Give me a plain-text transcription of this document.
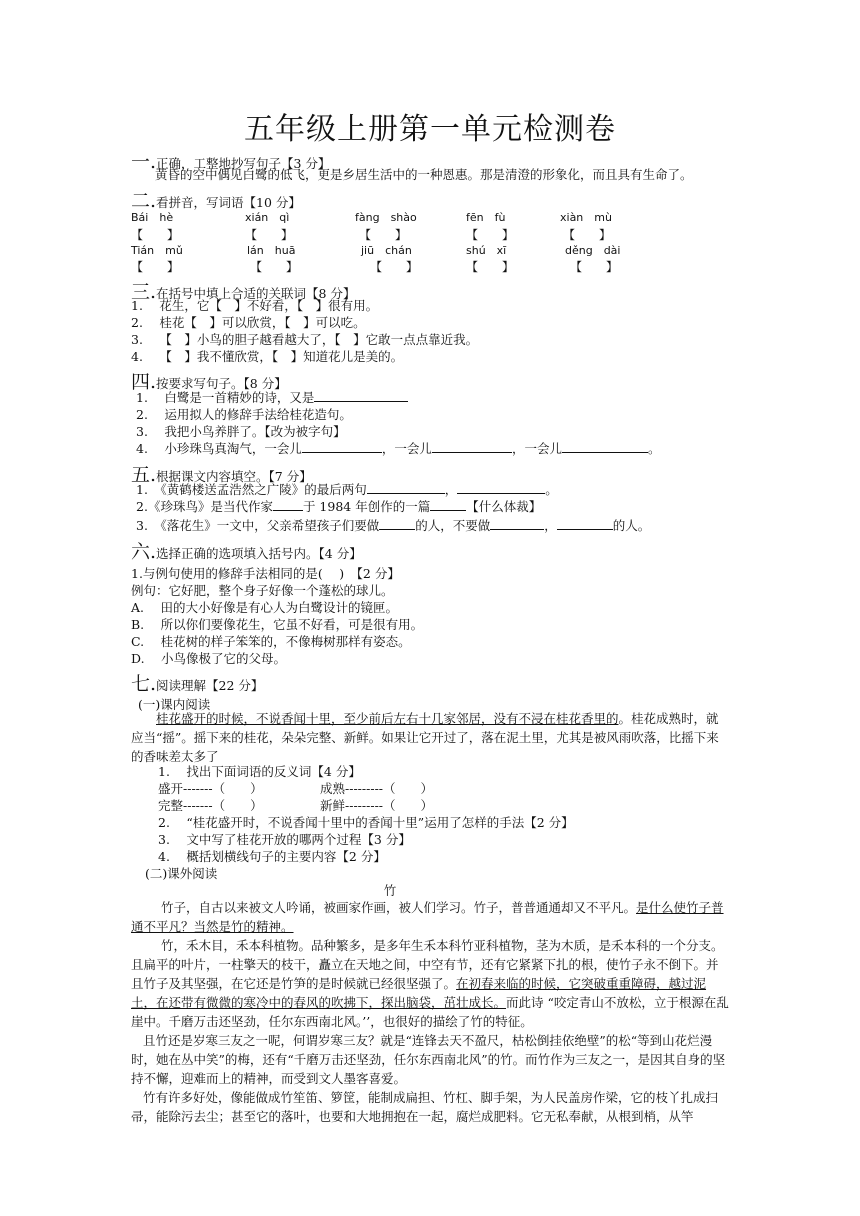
五年级上册第一单元检测卷
一.正确，工整地抄写句子【3 分】
黄昏的空中偶见白鹭的低飞，更是乡居生活中的一种恩惠。那是清澄的形象化，而且具有生命了。
二.看拼音，写词语【10 分】
Bái　hè	xián　qì	fàng　shào	fēn　fù	xiàn　mù
【　　】	【　　】	【　　】	【　　】	【　　】
Tián　mǔ	lán　huā	jiū　chán	shú　xī	děng　dài
【　　】	【　　】	【　　】	【　　】	【　　】
三.在括号中填上合适的关联词【8 分】
1.　 花生，它【　】不好看，【　】很有用。
2.　 桂花【　】可以欣赏，【　】可以吃。
3.　 【　】小鸟的胆子越看越大了，【　】它敢一点点靠近我。
4.　 【　】我不懂欣赏，【　】知道花儿是美的。
四.按要求写句子。【8 分】
1.　 白鹭是一首精妙的诗，又是
2.　 运用拟人的修辞手法给桂花造句。
3.　 我把小鸟养胖了。【改为被字句】
4.　 小珍珠鸟真淘气，一会儿	，一会儿	，一会儿	。
五.根据课文内容填空。【7 分】
1.　《黄鹤楼送孟浩然之广陵》的最后两句	，	。
2.《珍珠鸟》是当代作家 于 1984 年创作的一篇	【什么体裁】
3.　《落花生》一文中，父亲希望孩子们要做	的人，不要做	，	的人。
六.选择正确的选项填入括号内。【4 分】
1.与例句使用的修辞手法相同的是(　 )　【2 分】
例句：它好肥，整个身子好像一个蓬松的球儿。
A.　 田的大小好像是有心人为白鹭设计的镜匣。
B.　 所以你们要像花生，它虽不好看，可是很有用。
C.　 桂花树的样子笨笨的，不像梅树那样有姿态。
D.　 小鸟像极了它的父母。
七.阅读理解【22 分】
(一)课内阅读
桂花盛开的时候，不说香闻十里，至少前后左右十几家邻居，没有不浸在桂花香里的。桂花成熟时，就应当“摇”。摇下来的桂花，朵朵完整、新鲜。如果让它开过了，落在泥土里，尤其是被风雨吹落，比摇下来的香味差太多了
1.　 找出下面词语的反义词【4 分】
盛开-------（　　）	成熟---------（　　）
完整-------（　　）	新鲜---------（　　）
2.　 “桂花盛开时，不说香闻十里中的香闻十里”运用了怎样的手法【2 分】
3.　 文中写了桂花开放的哪两个过程【3 分】
4.　 概括划横线句子的主要内容【2 分】
(二)课外阅读
竹
竹子，自古以来被文人吟诵，被画家作画，被人们学习。竹子，普普通通却又不平凡。是什么使竹子普通不平凡？当然是竹的精神。
竹，禾木目，禾本科植物。品种繁多，是多年生禾本科竹亚科植物，茎为木质，是禾本科的一个分支。且扁平的叶片，一柱擎天的枝干，矗立在天地之间，中空有节，还有它紧紧下扎的根，使竹子永不倒下。并且竹子及其坚强，在它还是竹笋的是时候就已经很坚强了。在初春来临的时候，它突破重重障碍，越过泥土，在还带有微微的寒冷中的春风的吹拂下，探出脑袋，茁壮成长。而此诗 “咬定青山不放松，立于根源在乱崖中。千磨万击还坚劲，任尔东西南北风。’’，也很好的描绘了竹的特征。
且竹还是岁寒三友之一呢，何谓岁寒三友？就是“连锋去天不盈尺，枯松倒挂依绝壁”的松“等到山花烂漫时，她在丛中笑”的梅，还有“千磨万击还坚劲，任尔东西南北风”的竹。而竹作为三友之一，是因其自身的坚持不懈，迎难而上的精神，而受到文人墨客喜爱。
竹有许多好处，像能做成竹笙笛、箩筐，能制成扁担、竹杠、脚手架，为人民盖房作梁，它的枝丫扎成扫帚，能除污去尘；甚至它的落叶，也要和大地拥抱在一起，腐烂成肥料。它无私奉献，从根到梢，从竿
